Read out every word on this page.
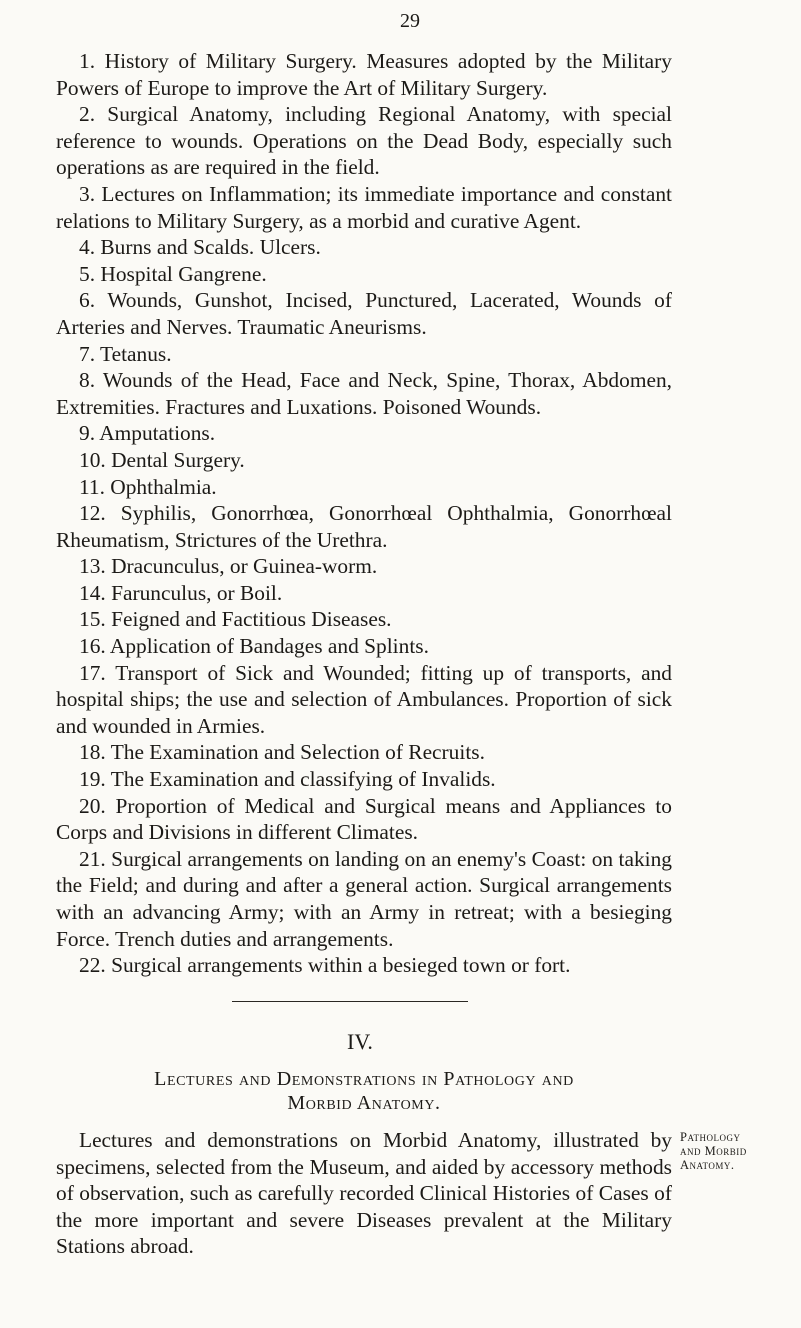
29

1. History of Military Surgery. Measures adopted by the Military Powers of Europe to improve the Art of Military Surgery.

2. Surgical Anatomy, including Regional Anatomy, with special reference to wounds. Operations on the Dead Body, especially such operations as are required in the field.

3. Lectures on Inflammation; its immediate importance and constant relations to Military Surgery, as a morbid and curative Agent.

4. Burns and Scalds. Ulcers.

5. Hospital Gangrene.

6. Wounds, Gunshot, Incised, Punctured, Lacerated, Wounds of Arteries and Nerves. Traumatic Aneurisms.

7. Tetanus.

8. Wounds of the Head, Face and Neck, Spine, Thorax, Abdomen, Extremities. Fractures and Luxations. Poisoned Wounds.

9. Amputations.

10. Dental Surgery.

11. Ophthalmia.

12. Syphilis, Gonorrhœa, Gonorrhœal Ophthalmia, Gonorrhœal Rheumatism, Strictures of the Urethra.

13. Dracunculus, or Guinea-worm.

14. Farunculus, or Boil.

15. Feigned and Factitious Diseases.

16. Application of Bandages and Splints.

17. Transport of Sick and Wounded; fitting up of transports, and hospital ships; the use and selection of Ambulances. Proportion of sick and wounded in Armies.

18. The Examination and Selection of Recruits.

19. The Examination and classifying of Invalids.

20. Proportion of Medical and Surgical means and Appliances to Corps and Divisions in different Climates.

21. Surgical arrangements on landing on an enemy's Coast: on taking the Field; and during and after a general action. Surgical arrangements with an advancing Army; with an Army in retreat; with a besieging Force. Trench duties and arrangements.

22. Surgical arrangements within a besieged town or fort.

IV.
Lectures and Demonstrations in Pathology and
Morbid Anatomy.

Lectures and demonstrations on Morbid Anatomy, illustrated by specimens, selected from the Museum, and aided by accessory methods of observation, such as carefully recorded Clinical Histories of Cases of the more important and severe Diseases prevalent at the Military Stations abroad.

Pathology
and Morbid
Anatomy.
